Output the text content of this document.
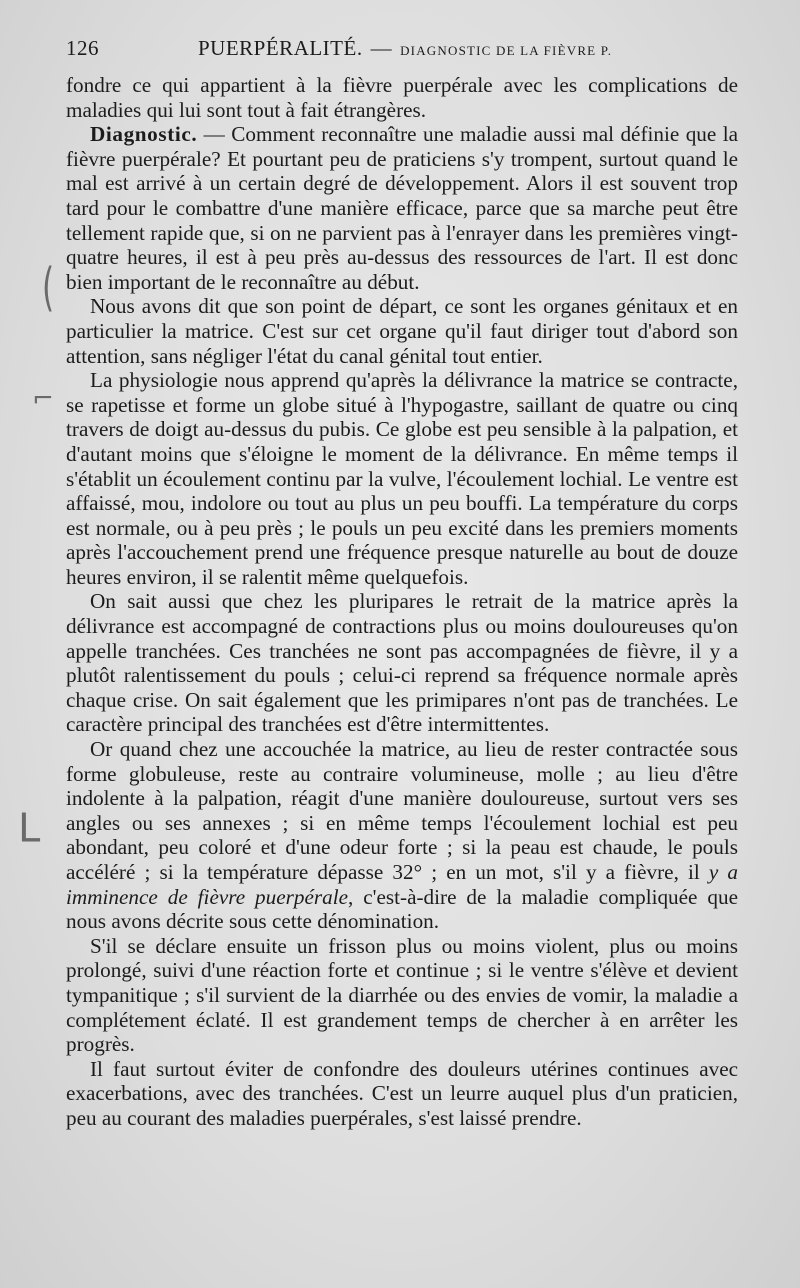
(
⌐
ᒪ
126	PUERPÉRALITÉ. — DIAGNOSTIC DE LA FIÈVRE P.

fondre ce qui appartient à la fièvre puerpérale avec les complications de maladies qui lui sont tout à fait étrangères.

Diagnostic. — Comment reconnaître une maladie aussi mal définie que la fièvre puerpérale? Et pourtant peu de praticiens s'y trompent, surtout quand le mal est arrivé à un certain degré de développement. Alors il est souvent trop tard pour le combattre d'une manière efficace, parce que sa marche peut être tellement rapide que, si on ne parvient pas à l'enrayer dans les premières vingt-quatre heures, il est à peu près au-dessus des ressources de l'art. Il est donc bien important de le reconnaître au début.

Nous avons dit que son point de départ, ce sont les organes génitaux et en particulier la matrice. C'est sur cet organe qu'il faut diriger tout d'abord son attention, sans négliger l'état du canal génital tout entier.

La physiologie nous apprend qu'après la délivrance la matrice se contracte, se rapetisse et forme un globe situé à l'hypogastre, saillant de quatre ou cinq travers de doigt au-dessus du pubis. Ce globe est peu sensible à la palpation, et d'autant moins que s'éloigne le moment de la délivrance. En même temps il s'établit un écoulement continu par la vulve, l'écoulement lochial. Le ventre est affaissé, mou, indolore ou tout au plus un peu bouffi. La température du corps est normale, ou à peu près ; le pouls un peu excité dans les premiers moments après l'accouchement prend une fréquence presque naturelle au bout de douze heures environ, il se ralentit même quelquefois.

On sait aussi que chez les pluripares le retrait de la matrice après la délivrance est accompagné de contractions plus ou moins douloureuses qu'on appelle tranchées. Ces tranchées ne sont pas accompagnées de fièvre, il y a plutôt ralentissement du pouls ; celui-ci reprend sa fréquence normale après chaque crise. On sait également que les primipares n'ont pas de tranchées. Le caractère principal des tranchées est d'être intermittentes.

Or quand chez une accouchée la matrice, au lieu de rester contractée sous forme globuleuse, reste au contraire volumineuse, molle ; au lieu d'être indolente à la palpation, réagit d'une manière douloureuse, surtout vers ses angles ou ses annexes ; si en même temps l'écoulement lochial est peu abondant, peu coloré et d'une odeur forte ; si la peau est chaude, le pouls accéléré ; si la température dépasse 32° ; en un mot, s'il y a fièvre, il y a imminence de fièvre puerpérale, c'est-à-dire de la maladie compliquée que nous avons décrite sous cette dénomination.

S'il se déclare ensuite un frisson plus ou moins violent, plus ou moins prolongé, suivi d'une réaction forte et continue ; si le ventre s'élève et devient tympanitique ; s'il survient de la diarrhée ou des envies de vomir, la maladie a complétement éclaté. Il est grandement temps de chercher à en arrêter les progrès.

Il faut surtout éviter de confondre des douleurs utérines continues avec exacerbations, avec des tranchées. C'est un leurre auquel plus d'un praticien, peu au courant des maladies puerpérales, s'est laissé prendre.
